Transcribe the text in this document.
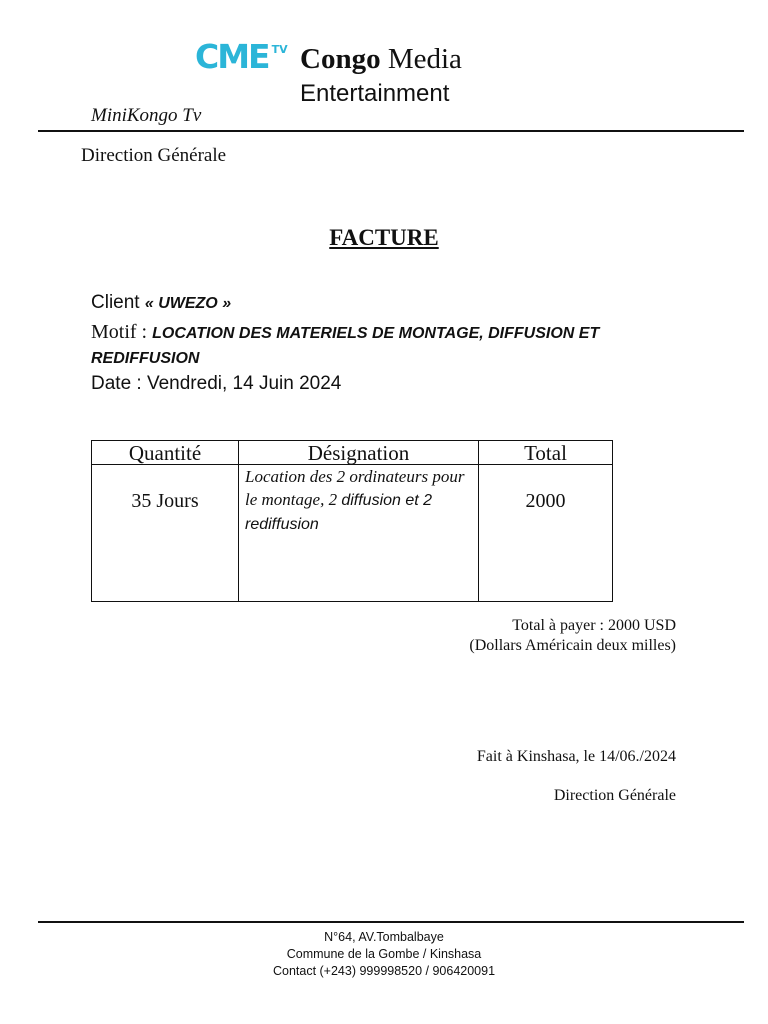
CME TV Congo Media
Entertainment
MiniKongo Tv
Direction Générale
FACTURE
Client « UWEZO »
Motif : LOCATION DES MATERIELS DE MONTAGE, DIFFUSION ET REDIFFUSION
Date : Vendredi, 14 Juin 2024
Quantité	Désignation	Total
35 Jours	Location des 2 ordinateurs pour le montage, 2 diffusion et 2 rediffusion	2000
Total à payer : 2000 USD
(Dollars Américain deux milles)
Fait à Kinshasa, le 14/06./2024
Direction Générale
N°64, AV.Tombalbaye
Commune de la Gombe / Kinshasa
Contact (+243) 999998520 / 906420091
